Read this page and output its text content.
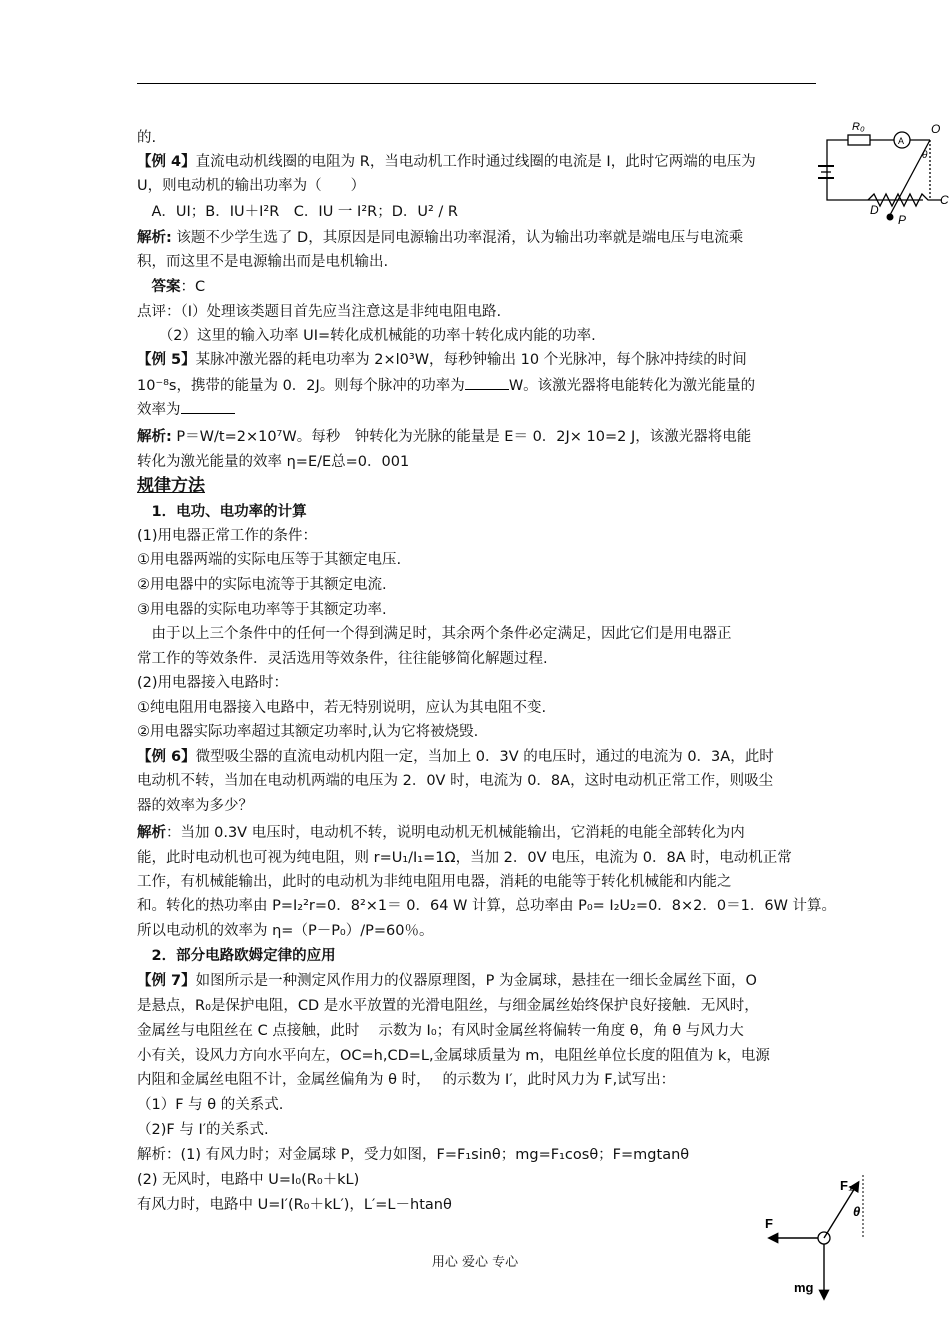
的.
【例 4】直流电动机线圈的电阻为 R，当电动机工作时通过线圈的电流是 I，此时它两端的电压为
U，则电动机的输出功率为（　　）
　A．UI；B．IU＋I²R　C．IU 一 I²R；D．U² / R
解析: 该题不少学生选了 D，其原因是同电源输出功率混淆，认为输出功率就是端电压与电流乘
积，而这里不是电源输出而是电机输出.
　答案：C
点评：（I）处理该类题目首先应当注意这是非纯电阻电路.
　　（2）这里的输入功率 UI=转化成机械能的功率十转化成内能的功率.
【例 5】某脉冲激光器的耗电功率为 2×l0³W，每秒钟输出 10 个光脉冲，每个脉冲持续的时间
10⁻⁸s，携带的能量为 0．2J。则每个脉冲的功率为	W。该激光器将电能转化为激光能量的
效率为
解析: P＝W/t=2×10⁷W。每秒　钟转化为光脉的能量是 E＝ 0．2J× 10=2 J，该激光器将电能
转化为激光能量的效率 η=E/E总=0．001
规律方法
　1．电功、电功率的计算
(1)用电器正常工作的条件：
①用电器两端的实际电压等于其额定电压.
②用电器中的实际电流等于其额定电流.
③用电器的实际电功率等于其额定功率.
　由于以上三个条件中的任何一个得到满足时，其余两个条件必定满足，因此它们是用电器正
常工作的等效条件．灵活选用等效条件，往往能够简化解题过程.
(2)用电器接入电路时：
①纯电阻用电器接入电路中，若无特别说明，应认为其电阻不变.
②用电器实际功率超过其额定功率时,认为它将被烧毁.
【例 6】微型吸尘器的直流电动机内阻一定，当加上 0．3V 的电压时，通过的电流为 0．3A，此时
电动机不转，当加在电动机两端的电压为 2．0V 时，电流为 0．8A，这时电动机正常工作，则吸尘
器的效率为多少？
解析：当加 0.3V 电压时，电动机不转，说明电动机无机械能输出，它消耗的电能全部转化为内
能，此时电动机也可视为纯电阻，则 r=U₁/I₁=1Ω，当加 2．0V 电压，电流为 0．8A 时，电动机正常
工作，有机械能输出，此时的电动机为非纯电阻用电器，消耗的电能等于转化机械能和内能之
和。转化的热功率由 P=I₂²r=0．8²×1＝ 0．64 W 计算，总功率由 P₀= I₂U₂=0．8×2．0＝1．6W 计算。
所以电动机的效率为 η=（P－P₀）/P=60％。
　2．部分电路欧姆定律的应用
【例 7】如图所示是一种测定风作用力的仪器原理图，P 为金属球，悬挂在一细长金属丝下面，O
是悬点，R₀是保护电阻，CD 是水平放置的光滑电阻丝，与细金属丝始终保护良好接触．无风时，
金属丝与电阻丝在 C 点接触，此时　 示数为 I₀；有风时金属丝将偏转一角度 θ，角 θ 与风力大
小有关，设风力方向水平向左，OC=h,CD=L,金属球质量为 m，电阻丝单位长度的阻值为 k，电源
内阻和金属丝电阻不计，金属丝偏角为 θ 时，　 的示数为 I′，此时风力为 F,试写出：
（1）F 与 θ 的关系式.
（2)F 与 I′的关系式.
解析：(1) 有风力时；对金属球 P，受力如图，F=F₁sinθ；mg=F₁cosθ；F=mgtanθ
(2) 无风时，电路中 U=I₀(R₀＋kL)
有风力时，电路中 U=I′(R₀＋kL′)，L′=L－htanθ
R₀
A
O
C
D
P
θ
F₁
θ
F
mg
用心 爱心 专心
